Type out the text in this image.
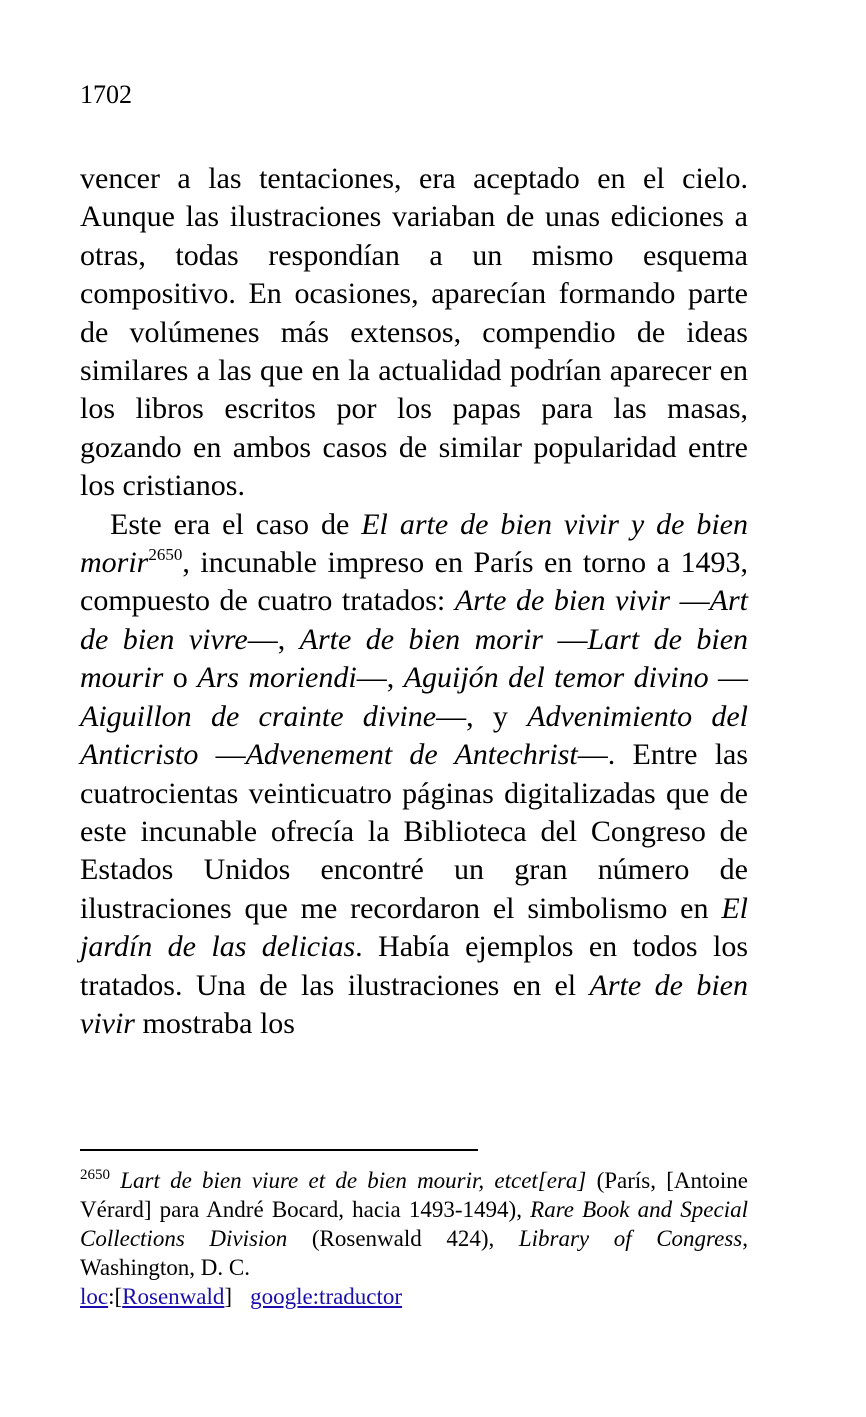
1702

vencer a las tentaciones, era aceptado en el cielo. Aunque las ilustraciones variaban de unas ediciones a otras, todas respondían a un mismo esquema compositivo. En ocasiones, aparecían formando parte de volúmenes más extensos, compendio de ideas similares a las que en la actualidad podrían aparecer en los libros escritos por los papas para las masas, gozando en ambos casos de similar popularidad entre los cristianos.

Este era el caso de El arte de bien vivir y de bien morir$^{2650}$, incunable impreso en París en torno a 1493, compuesto de cuatro tratados: Arte de bien vivir —Art de bien vivre—, Arte de bien morir —Lart de bien mourir o Ars moriendi—, Aguijón del temor divino —Aiguillon de crainte divine—, y Advenimiento del Anticristo —Advenement de Antechrist—. Entre las cuatrocientas veinticuatro páginas digitalizadas que de este incunable ofrecía la Biblioteca del Congreso de Estados Unidos encontré un gran número de ilustraciones que me recordaron el simbolismo en El jardín de las delicias. Había ejemplos en todos los tratados. Una de las ilustraciones en el Arte de bien vivir mostraba los

$^{2650}$ Lart de bien viure et de bien mourir, etcet[era] (París, [Antoine Vérard] para André Bocard, hacia 1493-1494), Rare Book and Special Collections Division (Rosenwald 424), Library of Congress, Washington, D. C.

loc:[Rosenwald] google:traductor
